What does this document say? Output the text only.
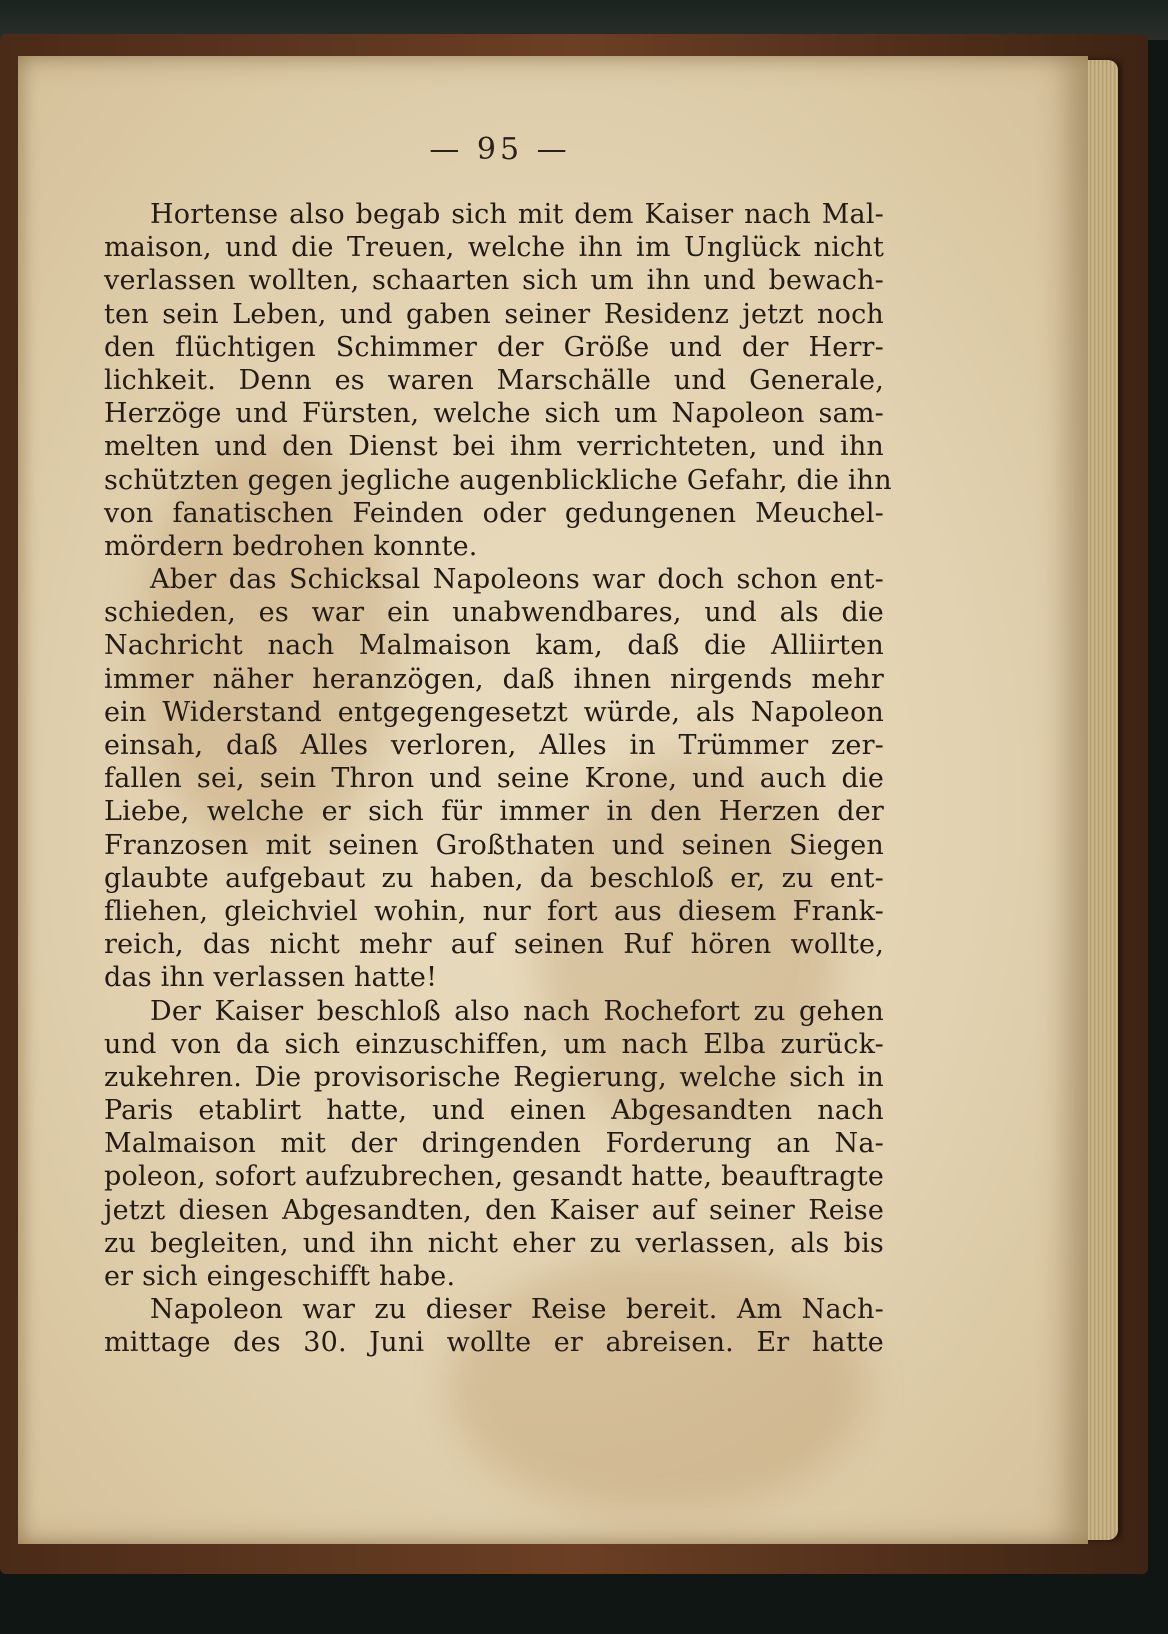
— 95 —
Hortense also begab sich mit dem Kaiser nach Mal-
maison, und die Treuen, welche ihn im Unglück nicht
verlassen wollten, schaarten sich um ihn und bewach-
ten sein Leben, und gaben seiner Residenz jetzt noch
den flüchtigen Schimmer der Größe und der Herr-
lichkeit. Denn es waren Marschälle und Generale,
Herzöge und Fürsten, welche sich um Napoleon sam-
melten und den Dienst bei ihm verrichteten, und ihn
schützten gegen jegliche augenblickliche Gefahr, die ihn
von fanatischen Feinden oder gedungenen Meuchel-
mördern bedrohen konnte.
Aber das Schicksal Napoleons war doch schon ent-
schieden, es war ein unabwendbares, und als die
Nachricht nach Malmaison kam, daß die Alliirten
immer näher heranzögen, daß ihnen nirgends mehr
ein Widerstand entgegengesetzt würde, als Napoleon
einsah, daß Alles verloren, Alles in Trümmer zer-
fallen sei, sein Thron und seine Krone, und auch die
Liebe, welche er sich für immer in den Herzen der
Franzosen mit seinen Großthaten und seinen Siegen
glaubte aufgebaut zu haben, da beschloß er, zu ent-
fliehen, gleichviel wohin, nur fort aus diesem Frank-
reich, das nicht mehr auf seinen Ruf hören wollte,
das ihn verlassen hatte!
Der Kaiser beschloß also nach Rochefort zu gehen
und von da sich einzuschiffen, um nach Elba zurück-
zukehren. Die provisorische Regierung, welche sich in
Paris etablirt hatte, und einen Abgesandten nach
Malmaison mit der dringenden Forderung an Na-
poleon, sofort aufzubrechen, gesandt hatte, beauftragte
jetzt diesen Abgesandten, den Kaiser auf seiner Reise
zu begleiten, und ihn nicht eher zu verlassen, als bis
er sich eingeschifft habe.
Napoleon war zu dieser Reise bereit. Am Nach-
mittage des 30. Juni wollte er abreisen. Er hatte
